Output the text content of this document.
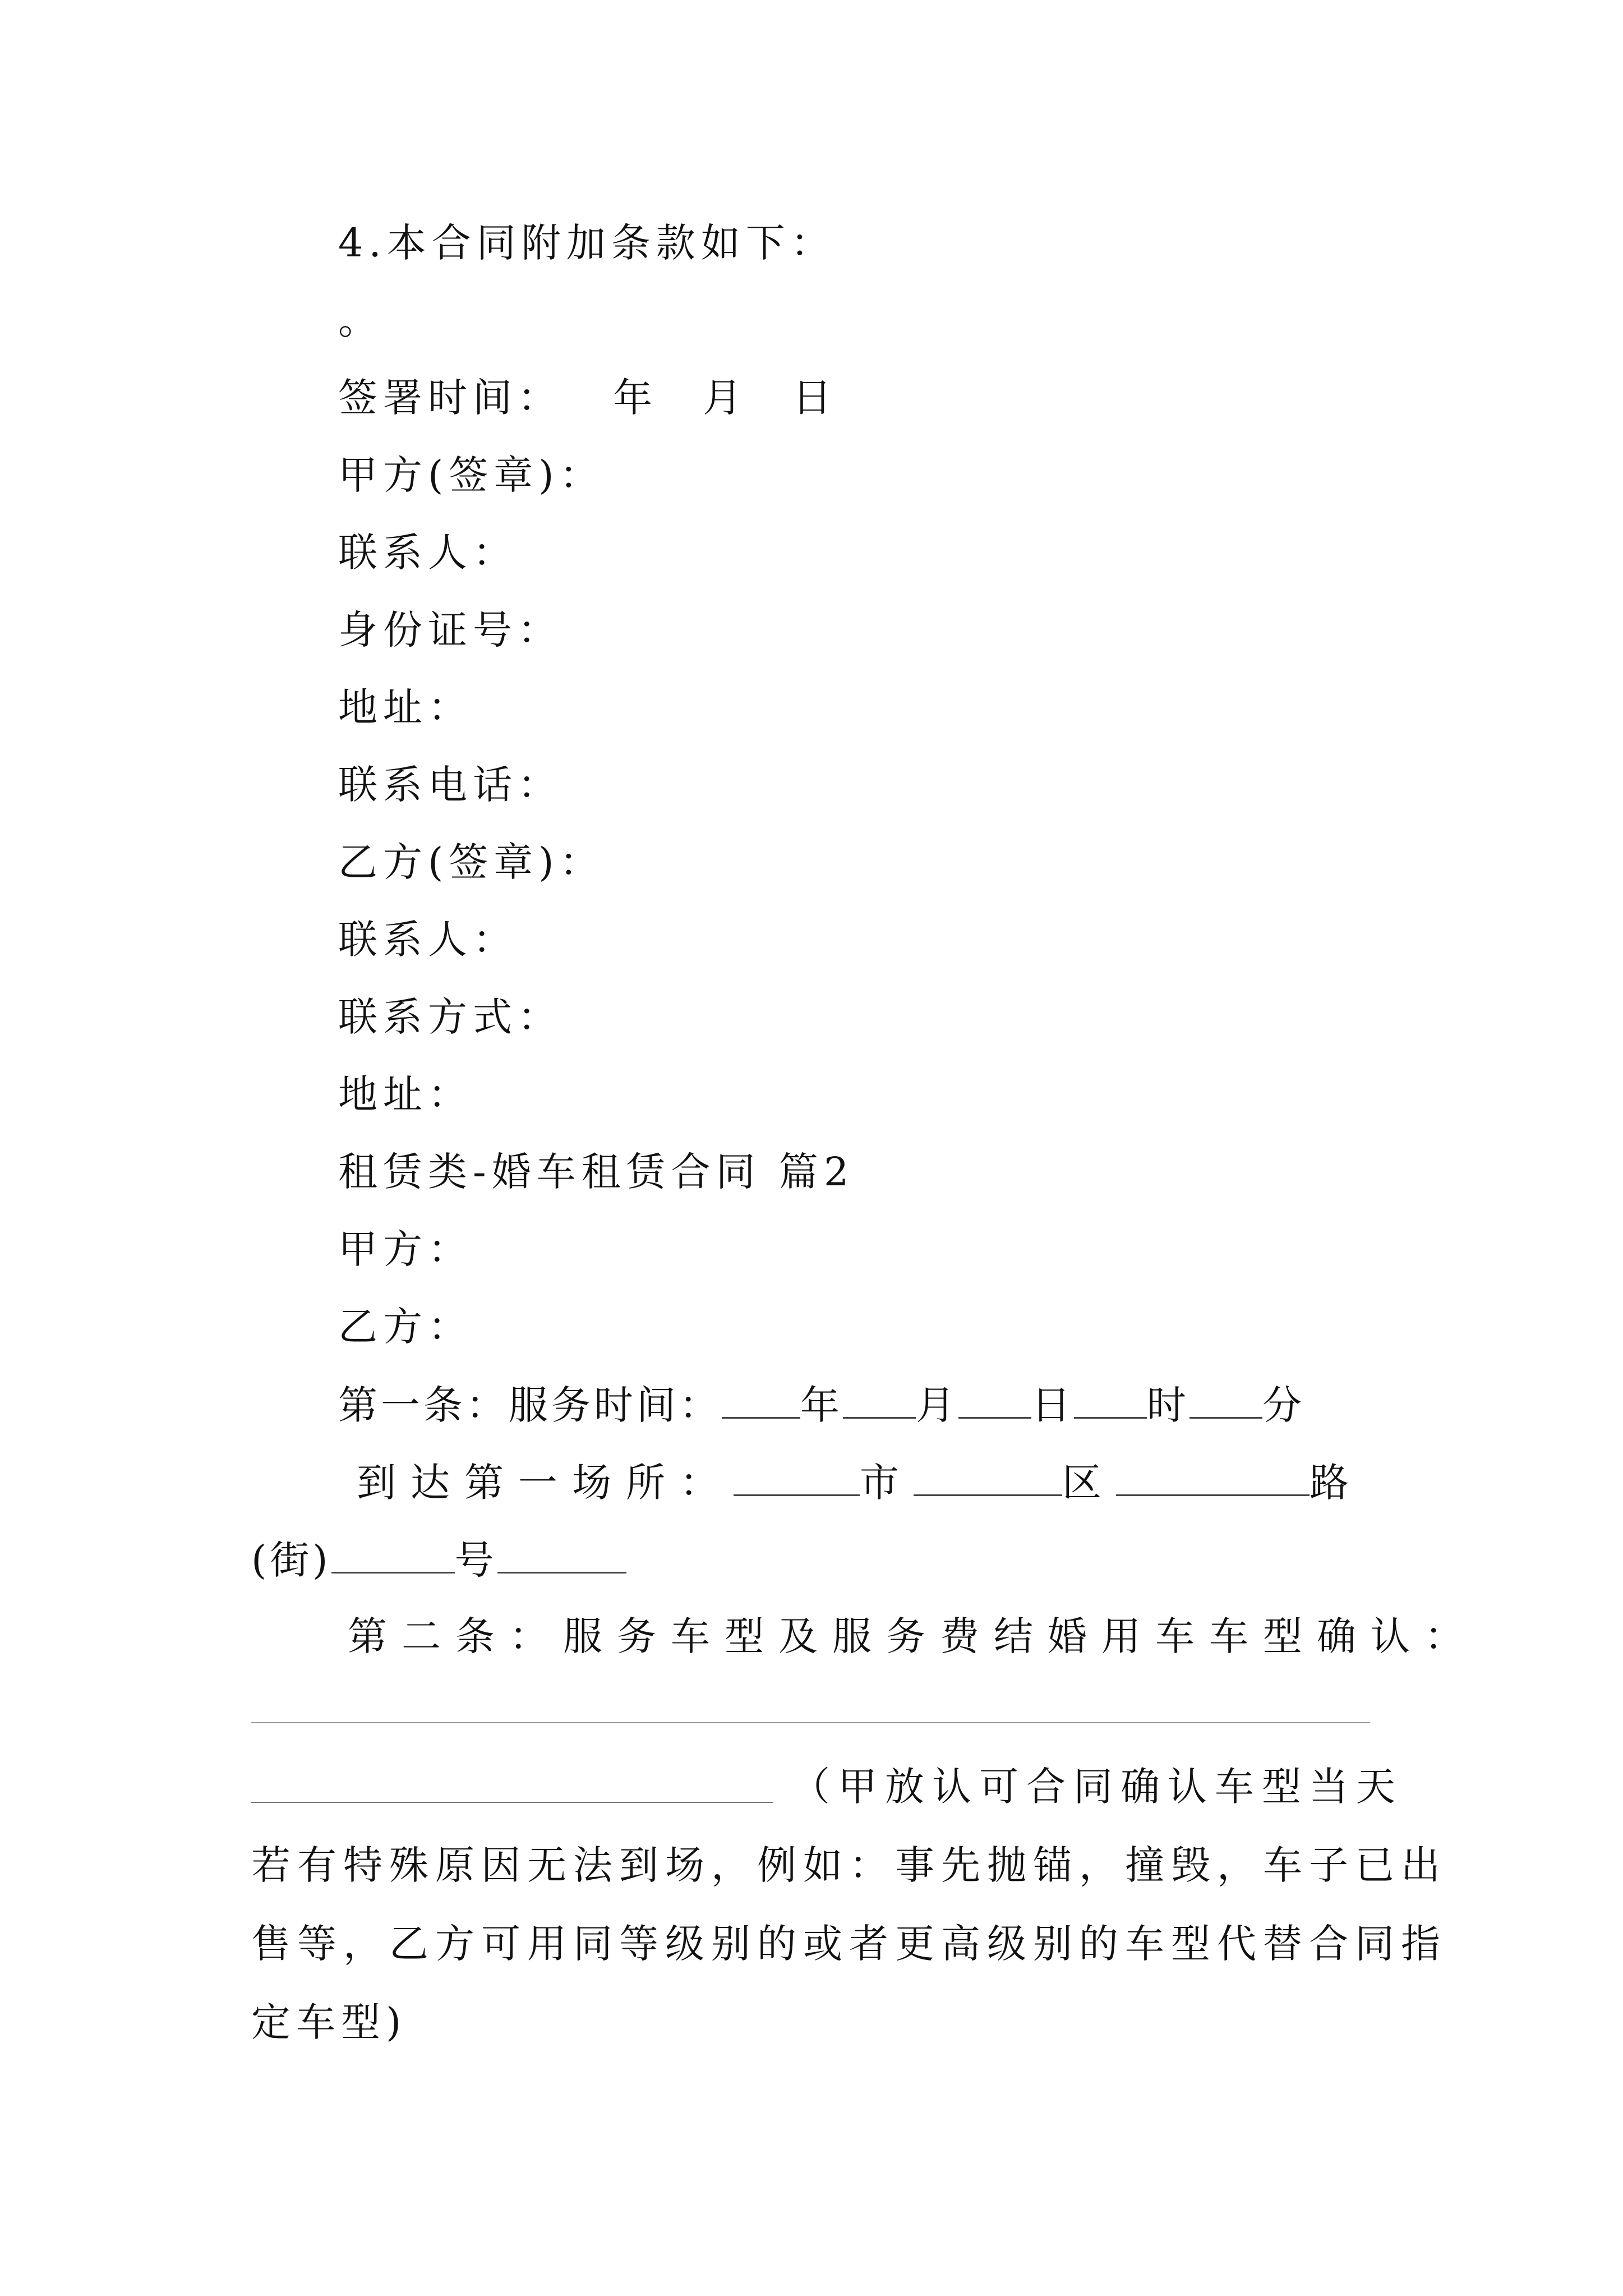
4.本合同附加条款如下：
。
签署时间： 年 月 日
甲方(签章)：
联系人：
身份证号：
地址：
联系电话：
乙方(签章)：
联系人：
联系方式：
地址：
租赁类-婚车租赁合同 篇2
甲方：
乙方：
第一条：服务时间： 年 月 日 时 分
到达第一场所：	市	区	路
(街)	号
第二条：服务车型及服务费结婚用车车型确认：
（甲放认可合同确认车型当天
若有特殊原因无法到场，例如：事先抛锚，撞毁，车子已出
售等，乙方可用同等级别的或者更高级别的车型代替合同指
定车型)
